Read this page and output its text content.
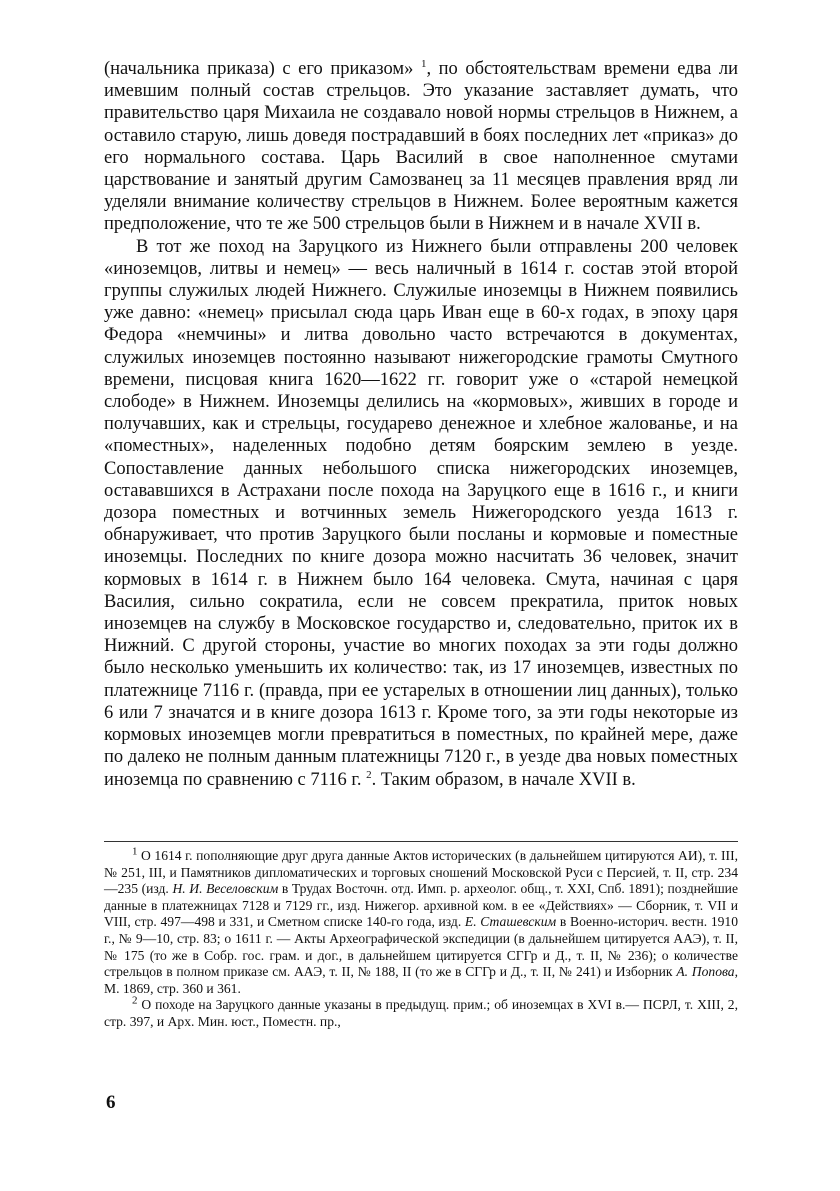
(начальника приказа) с его приказом» $^1$, по обстоятельствам времени едва ли имевшим полный состав стрельцов. Это указание заставляет думать, что правительство царя Михаила не создавало новой нормы стрельцов в Нижнем, а оставило старую, лишь доведя пострадавший в боях последних лет «приказ» до его нормального состава. Царь Василий в свое наполненное смутами царствование и занятый другим Самозванец за 11 месяцев правления вряд ли уделяли внимание количеству стрельцов в Нижнем. Более вероятным кажется предположение, что те же 500 стрельцов были в Нижнем и в начале XVII в.

В тот же поход на Заруцкого из Нижнего были отправлены 200 человек «иноземцов, литвы и немец» — весь наличный в 1614 г. состав этой второй группы служилых людей Нижнего. Служилые иноземцы в Нижнем появились уже давно: «немец» присылал сюда царь Иван еще в 60-х годах, в эпоху царя Федора «немчины» и литва довольно часто встречаются в документах, служилых иноземцев постоянно называют нижегородские грамоты Смутного времени, писцовая книга 1620—1622 гг. говорит уже о «старой немецкой слободе» в Нижнем. Иноземцы делились на «кормовых», живших в городе и получавших, как и стрельцы, государево денежное и хлебное жалованье, и на «поместных», наделенных подобно детям боярским землею в уезде. Сопоставление данных небольшого списка нижегородских иноземцев, остававшихся в Астрахани после похода на Заруцкого еще в 1616 г., и книги дозора поместных и вотчинных земель Нижегородского уезда 1613 г. обнаруживает, что против Заруцкого были посланы и кормовые и поместные иноземцы. Последних по книге дозора можно насчитать 36 человек, значит кормовых в 1614 г. в Нижнем было 164 человека. Смута, начиная с царя Василия, сильно сократила, если не совсем прекратила, приток новых иноземцев на службу в Московское государство и, следовательно, приток их в Нижний. С другой стороны, участие во многих походах за эти годы должно было несколько уменьшить их количество: так, из 17 иноземцев, известных по платежнице 7116 г. (правда, при ее устарелых в отношении лиц данных), только 6 или 7 значатся и в книге дозора 1613 г. Кроме того, за эти годы некоторые из кормовых иноземцев могли превратиться в поместных, по крайней мере, даже по далеко не полным данным платежницы 7120 г., в уезде два новых поместных иноземца по сравнению с 7116 г. $^2$. Таким образом, в начале XVII в.

$^1$ О 1614 г. пополняющие друг друга данные Актов исторических (в дальнейшем цитируются АИ), т. III, № 251, III, и Памятников дипломатических и торговых сношений Московской Руси с Персией, т. II, стр. 234—235 (изд. Н. И. Веселовским в Трудах Восточн. отд. Имп. р. археолог. общ., т. XXI, Спб. 1891); позднейшие данные в платежницах 7128 и 7129 гг., изд. Нижегор. архивной ком. в ее «Действиях» — Сборник, т. VII и VIII, стр. 497—498 и 331, и Сметном списке 140-го года, изд. Е. Сташевским в Военно-историч. вестн. 1910 г., № 9—10, стр. 83; о 1611 г. — Акты Археографической экспедиции (в дальнейшем цитируется ААЭ), т. II, № 175 (то же в Собр. гос. грам. и дог., в дальнейшем цитируется СГГр и Д., т. II, № 236); о количестве стрельцов в полном приказе см. ААЭ, т. II, № 188, II (то же в СГГр и Д., т. II, № 241) и Изборник А. Попова, М. 1869, стр. 360 и 361.

$^2$ О походе на Заруцкого данные указаны в предыдущ. прим.; об иноземцах в XVI в.— ПСРЛ, т. XIII, 2, стр. 397, и Арх. Мин. юст., Поместн. пр.,

6
